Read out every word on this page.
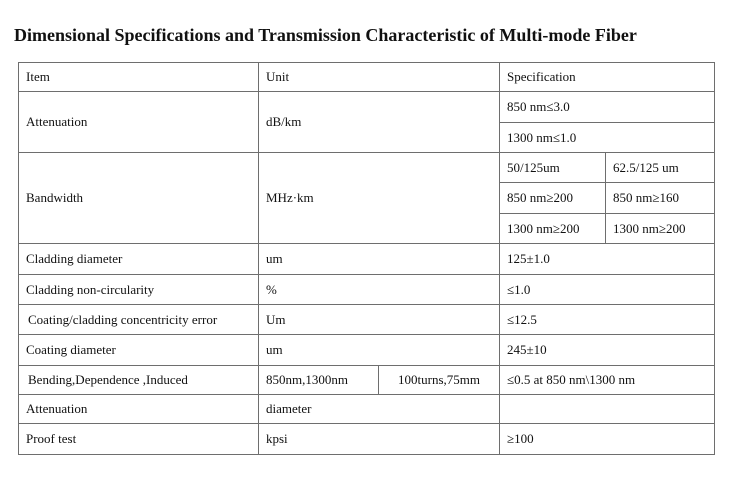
Dimensional Specifications and Transmission Characteristic of Multi-mode Fiber
Item	Unit		Specification	
Attenuation	dB/km		850 nm≤3.0	
			1300 nm≤1.0	
Bandwidth	MHz·km		50/125um	62.5/125 um
			850 nm≥200	850 nm≥160
			1300 nm≥200	1300 nm≥200
Cladding diameter	um		125±1.0	
Cladding non-circularity	%		≤1.0	
Coating/cladding concentricity error	Um		≤12.5	
Coating diameter	um		245±10	
Bending,Dependence ,Induced	850nm,1300nm	100turns,75mm	≤0.5 at 850 nm\1300 nm	
Attenuation	diameter			
Proof test	kpsi		≥100	
